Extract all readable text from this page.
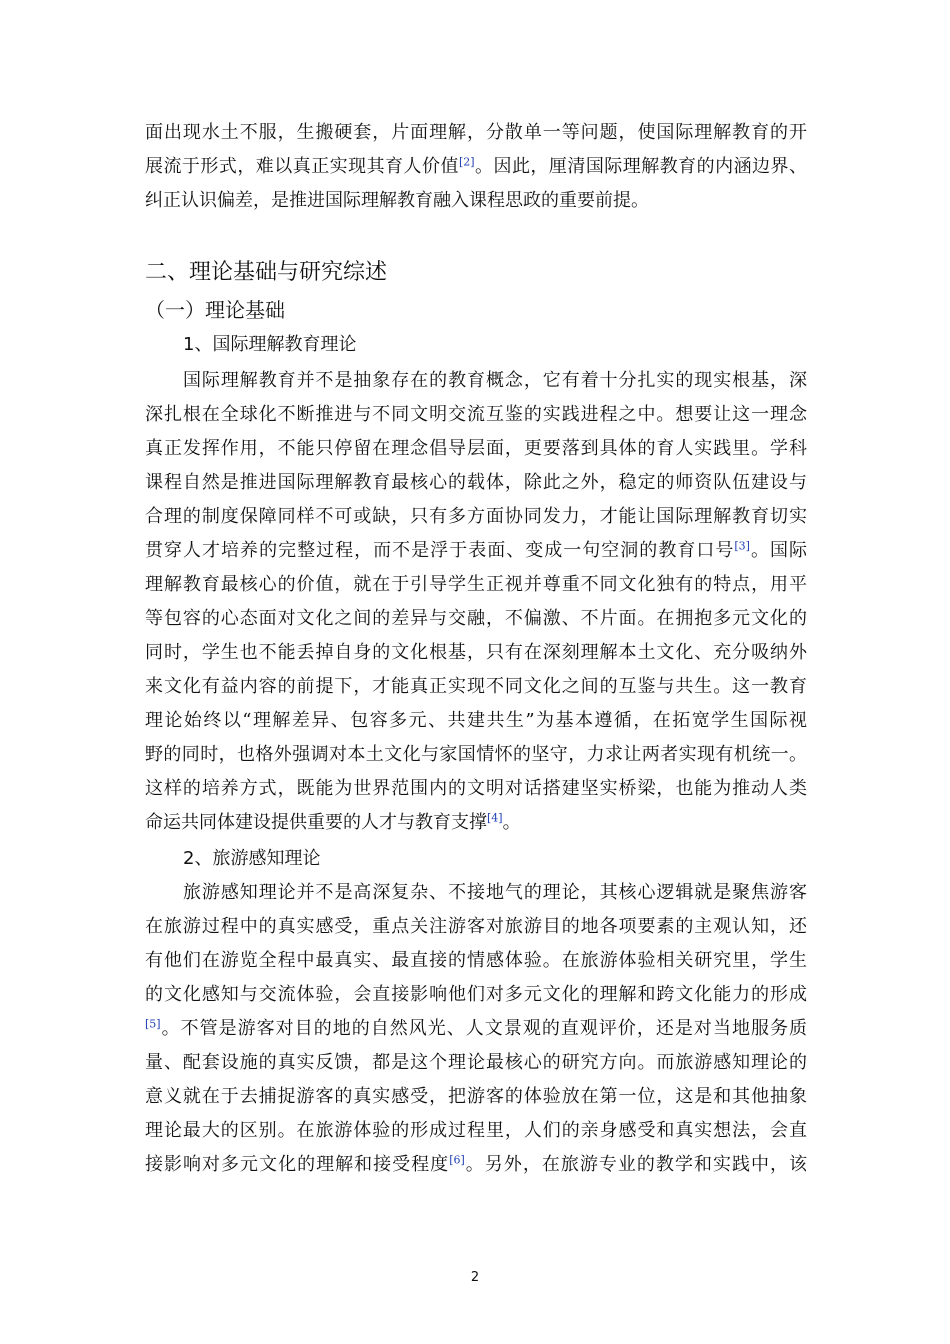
面出现水土不服，生搬硬套，片面理解，分散单一等问题，使国际理解教育的开
展流于形式，难以真正实现其育人价值[2]。因此，厘清国际理解教育的内涵边界、
纠正认识偏差，是推进国际理解教育融入课程思政的重要前提。
二、理论基础与研究综述
（一）理论基础
1、国际理解教育理论
国际理解教育并不是抽象存在的教育概念，它有着十分扎实的现实根基，深
深扎根在全球化不断推进与不同文明交流互鉴的实践进程之中。想要让这一理念
真正发挥作用，不能只停留在理念倡导层面，更要落到具体的育人实践里。学科
课程自然是推进国际理解教育最核心的载体，除此之外，稳定的师资队伍建设与
合理的制度保障同样不可或缺，只有多方面协同发力，才能让国际理解教育切实
贯穿人才培养的完整过程，而不是浮于表面、变成一句空洞的教育口号[3]。国际
理解教育最核心的价值，就在于引导学生正视并尊重不同文化独有的特点，用平
等包容的心态面对文化之间的差异与交融，不偏激、不片面。在拥抱多元文化的
同时，学生也不能丢掉自身的文化根基，只有在深刻理解本土文化、充分吸纳外
来文化有益内容的前提下，才能真正实现不同文化之间的互鉴与共生。这一教育
理论始终以“理解差异、包容多元、共建共生”为基本遵循，在拓宽学生国际视
野的同时，也格外强调对本土文化与家国情怀的坚守，力求让两者实现有机统一。
这样的培养方式，既能为世界范围内的文明对话搭建坚实桥梁，也能为推动人类
命运共同体建设提供重要的人才与教育支撑[4]。
2、旅游感知理论
旅游感知理论并不是高深复杂、不接地气的理论，其核心逻辑就是聚焦游客
在旅游过程中的真实感受，重点关注游客对旅游目的地各项要素的主观认知，还
有他们在游览全程中最真实、最直接的情感体验。在旅游体验相关研究里，学生
的文化感知与交流体验，会直接影响他们对多元文化的理解和跨文化能力的形成
[5]。不管是游客对目的地的自然风光、人文景观的直观评价，还是对当地服务质
量、配套设施的真实反馈，都是这个理论最核心的研究方向。而旅游感知理论的
意义就在于去捕捉游客的真实感受，把游客的体验放在第一位，这是和其他抽象
理论最大的区别。在旅游体验的形成过程里，人们的亲身感受和真实想法，会直
接影响对多元文化的理解和接受程度[6]。另外，在旅游专业的教学和实践中，该
2
